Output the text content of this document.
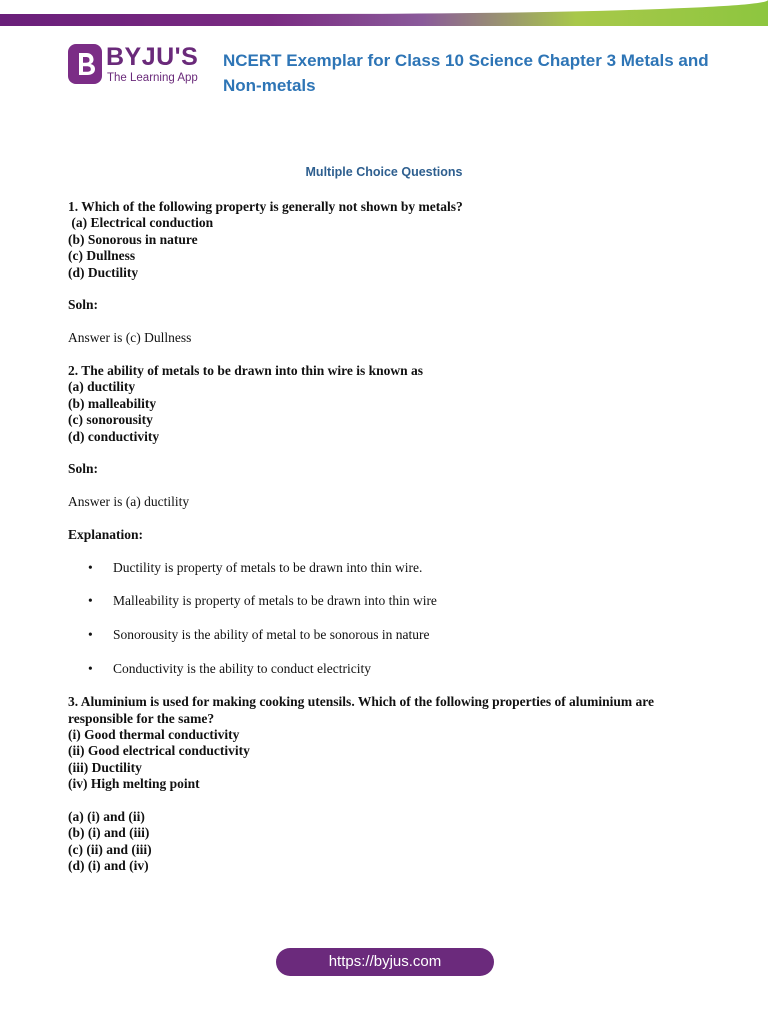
BYJU'S
The Learning App
NCERT Exemplar for Class 10 Science Chapter 3 Metals and Non-metals
Multiple Choice Questions
1. Which of the following property is generally not shown by metals?
(a) Electrical conduction
(b) Sonorous in nature
(c) Dullness
(d) Ductility
Soln:
Answer is (c) Dullness
2. The ability of metals to be drawn into thin wire is known as
(a) ductility
(b) malleability
(c) sonorousity
(d) conductivity
Soln:
Answer is (a) ductility
Explanation:
• Ductility is property of metals to be drawn into thin wire.
• Malleability is property of metals to be drawn into thin wire
• Sonorousity is the ability of metal to be sonorous in nature
• Conductivity is the ability to conduct electricity
3. Aluminium is used for making cooking utensils. Which of the following properties of aluminium are responsible for the same?
(i) Good thermal conductivity
(ii) Good electrical conductivity
(iii) Ductility
(iv) High melting point
(a) (i) and (ii)
(b) (i) and (iii)
(c) (ii) and (iii)
(d) (i) and (iv)
https://byjus.com
